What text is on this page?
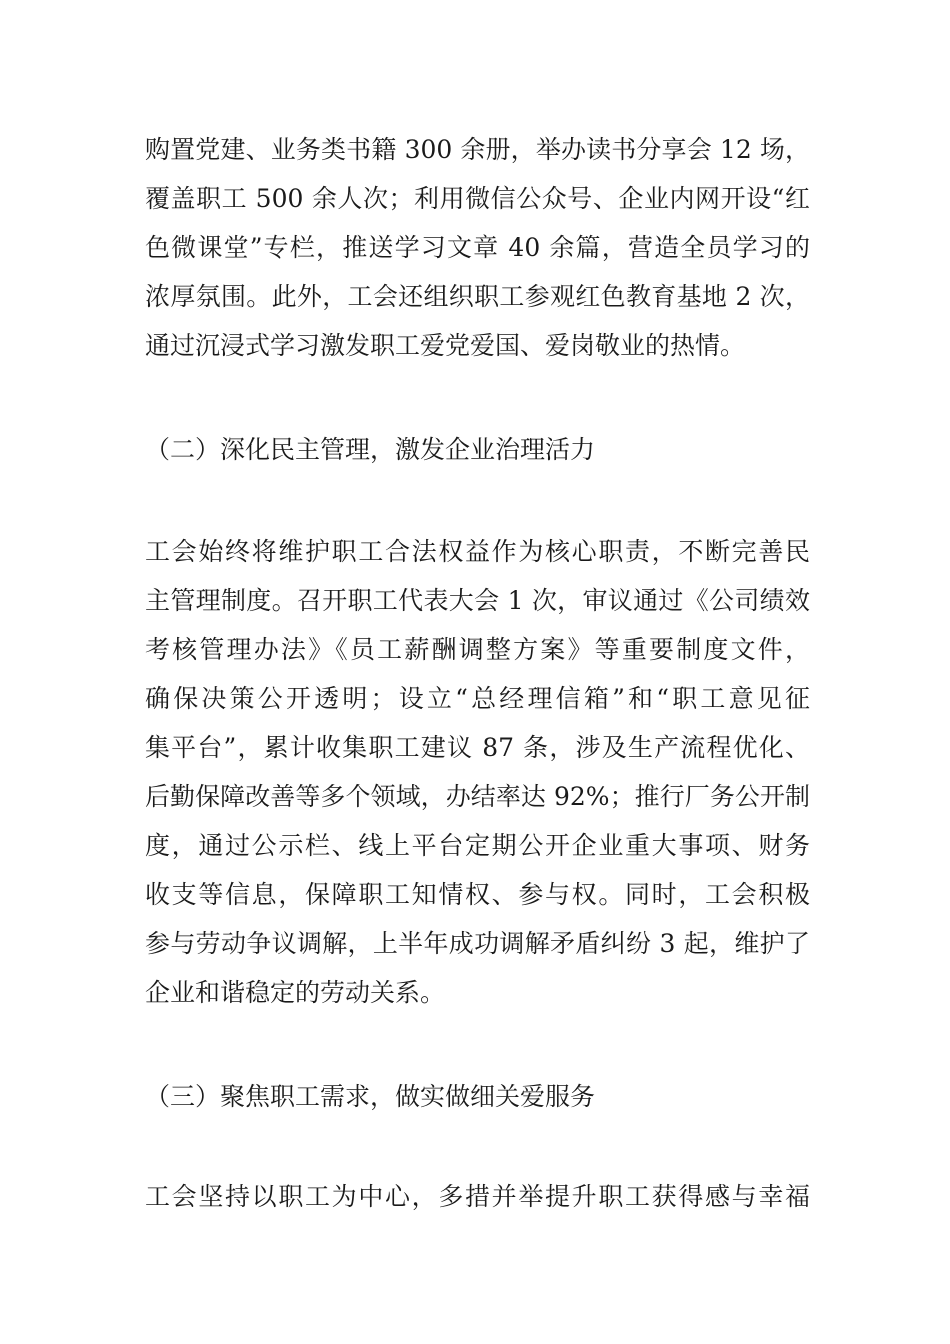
购置党建、业务类书籍 300 余册，举办读书分享会 12 场，
覆盖职工 500 余人次；利用微信公众号、企业内网开设“红
色微课堂”专栏，推送学习文章 40 余篇，营造全员学习的
浓厚氛围。此外，工会还组织职工参观红色教育基地 2 次，
通过沉浸式学习激发职工爱党爱国、爱岗敬业的热情。
（二）深化民主管理，激发企业治理活力
工会始终将维护职工合法权益作为核心职责，不断完善民
主管理制度。召开职工代表大会 1 次，审议通过《公司绩效
考核管理办法》《员工薪酬调整方案》等重要制度文件，
确保决策公开透明；设立“总经理信箱”和“职工意见征
集平台”，累计收集职工建议 87 条，涉及生产流程优化、
后勤保障改善等多个领域，办结率达 92%；推行厂务公开制
度，通过公示栏、线上平台定期公开企业重大事项、财务
收支等信息，保障职工知情权、参与权。同时，工会积极
参与劳动争议调解，上半年成功调解矛盾纠纷 3 起，维护了
企业和谐稳定的劳动关系。
（三）聚焦职工需求，做实做细关爱服务
工会坚持以职工为中心，多措并举提升职工获得感与幸福
